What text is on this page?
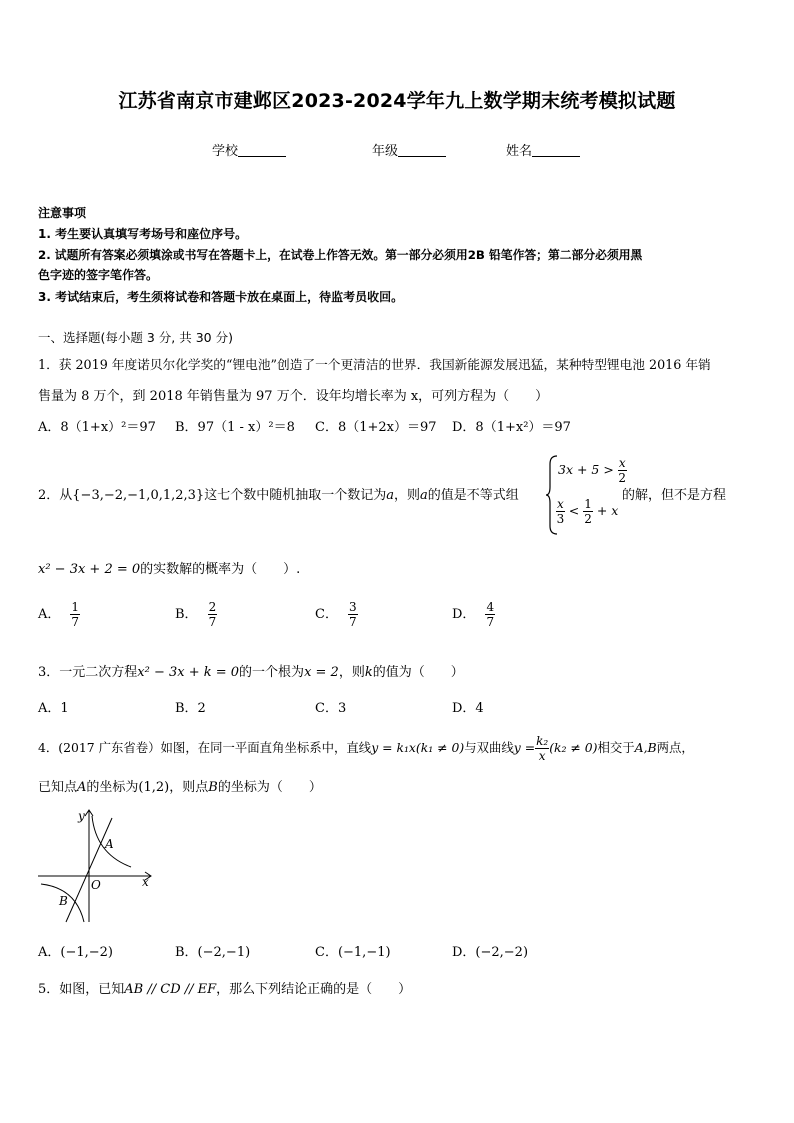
江苏省南京市建邺区2023-2024学年九上数学期末统考模拟试题
学校	年级	姓名
注意事项
1. 考生要认真填写考场号和座位序号。
2. 试题所有答案必须填涂或书写在答题卡上，在试卷上作答无效。第一部分必须用2B 铅笔作答；第二部分必须用黑
色字迹的签字笔作答。
3. 考试结束后，考生须将试卷和答题卡放在桌面上，待监考员收回。
一、选择题(每小题 3 分, 共 30 分)
1．获 2019 年度诺贝尔化学奖的“锂电池”创造了一个更清洁的世界．我国新能源发展迅猛，某种特型锂电池 2016 年销
售量为 8 万个，到 2018 年销售量为 97 万个．设年均增长率为 x，可列方程为（　　）
A．8（1+x）²＝97 B．97（1 - x）²＝8 C．8（1+2x）＝97 D．8（1+x²）＝97
2．从{−3,−2,−1,0,1,2,3}这七个数中随机抽取一个数记为a，则a的值是不等式组
$3x + 5 > \frac{x}{2}$
$\frac{x}{3} < \frac{1}{2} + x$
的解，但不是方程
x² − 3x + 2 = 0的实数解的概率为（　　）.
A． $\frac{1}{7}$	B． $\frac{2}{7}$	C． $\frac{3}{7}$	D． $\frac{4}{7}$
3．一元二次方程x² − 3x + k = 0的一个根为x = 2，则k的值为（　　）
A．1	B．2	C．3	D．4
4．(2017 广东省卷）如图，在同一平面直角坐标系中，直线y = k₁x(k₁ ≠ 0)与双曲线$y = \frac{\text{k₂}}{x} (k_2 \ne 0)$相交于A,B两点，
已知点A的坐标为(1,2)，则点B的坐标为（　　）
y
x
O
A
B
A．(−1,−2)	B．(−2,−1)	C．(−1,−1)	D．(−2,−2)
5．如图，已知AB // CD // EF，那么下列结论正确的是（　　）
